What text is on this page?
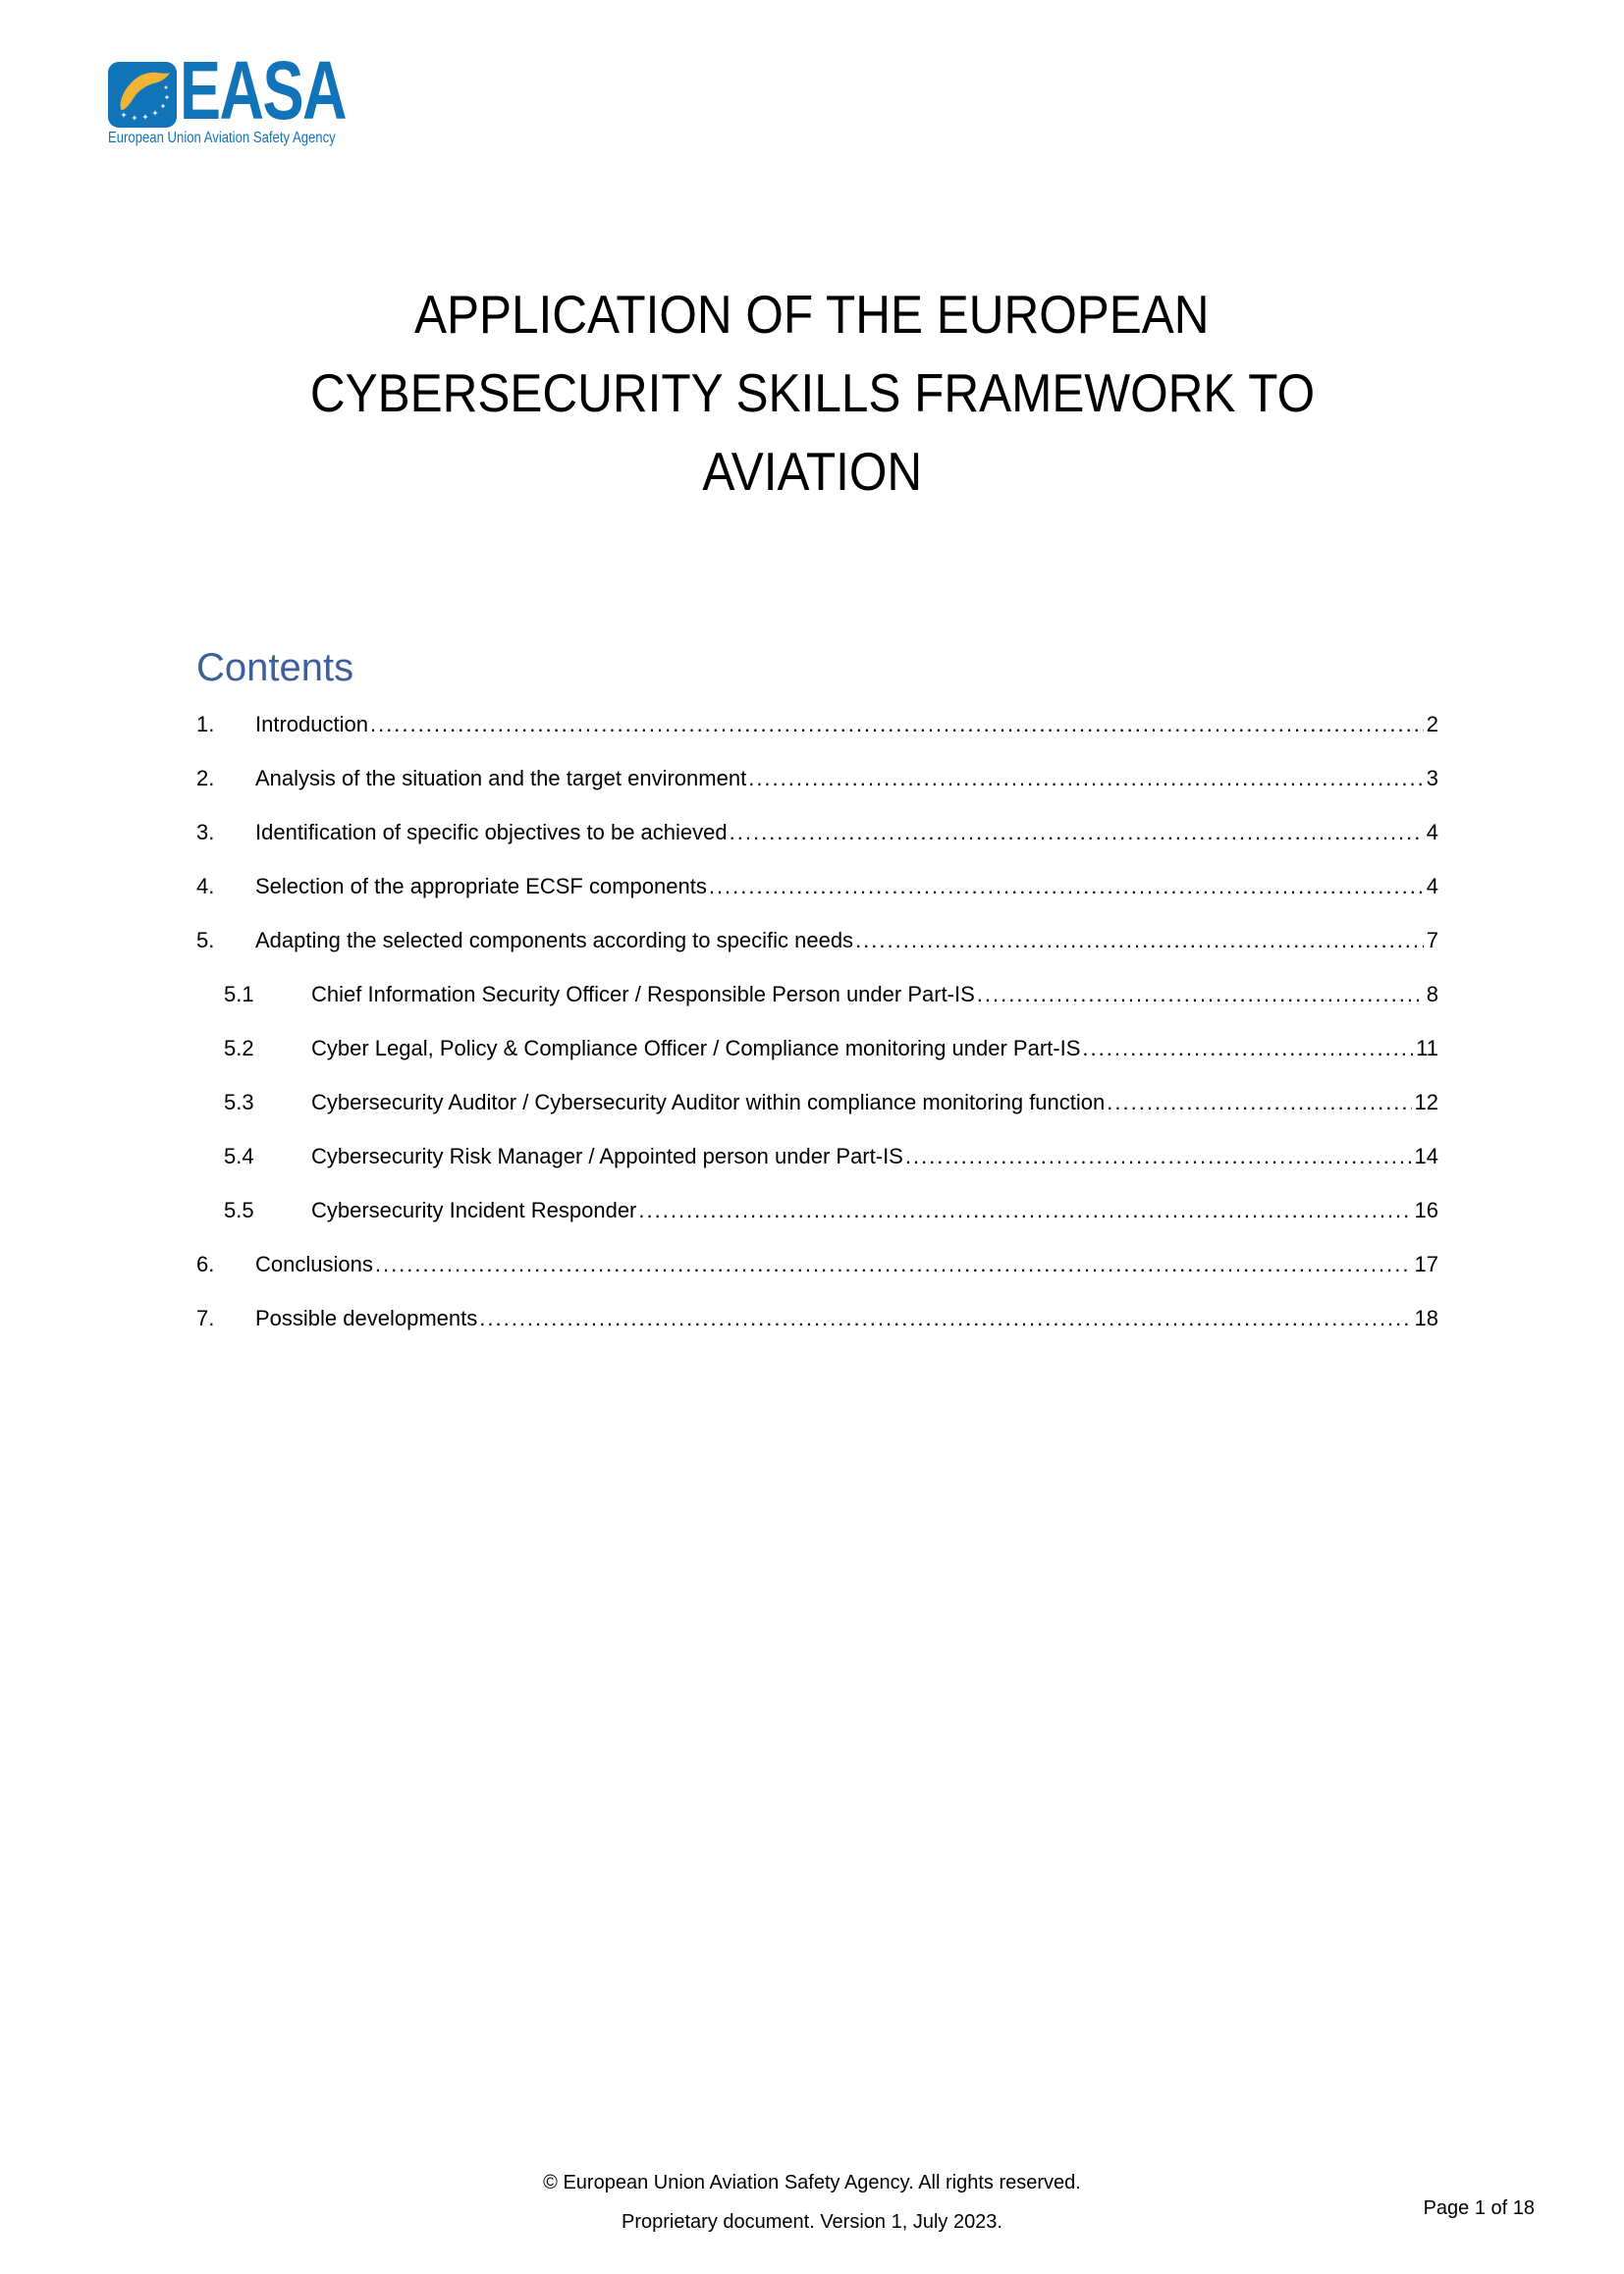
EASA
European Union Aviation Safety Agency
APPLICATION OF THE EUROPEAN
CYBERSECURITY SKILLS FRAMEWORK TO
AVIATION
Contents
1.	Introduction .....	2
2.	Analysis of the situation and the target environment .....	3
3.	Identification of specific objectives to be achieved .....	4
4.	Selection of the appropriate ECSF components .....	4
5.	Adapting the selected components according to specific needs .....	7
5.1	Chief Information Security Officer / Responsible Person under Part-IS .....	8
5.2	Cyber Legal, Policy & Compliance Officer / Compliance monitoring under Part-IS .....	11
5.3	Cybersecurity Auditor / Cybersecurity Auditor within compliance monitoring function .....	12
5.4	Cybersecurity Risk Manager / Appointed person under Part-IS .....	14
5.5	Cybersecurity Incident Responder .....	16
6.	Conclusions .....	17
7.	Possible developments .....	18
© European Union Aviation Safety Agency. All rights reserved.
Proprietary document. Version 1, July 2023.
Page 1 of 18
